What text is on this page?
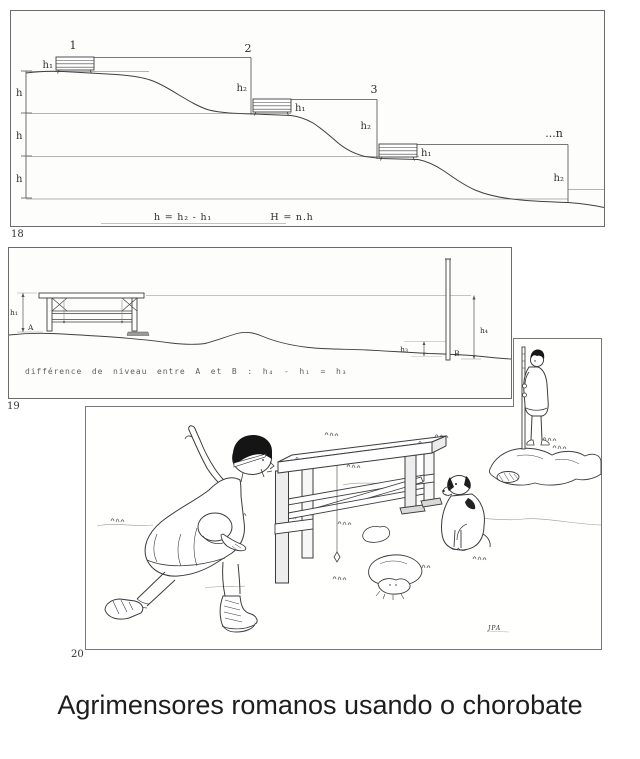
1	2
3
...n
h₁
h₁
h₁
h₂
h₂
h₂
h
h
h
h = h₂ - h₁	H = n.h
18
h₁
A
B
h₄
h₃
différence de niveau entre A et B : h₄ - h₁ = h₃
19
JPA
20
Agrimensores romanos usando o chorobate
